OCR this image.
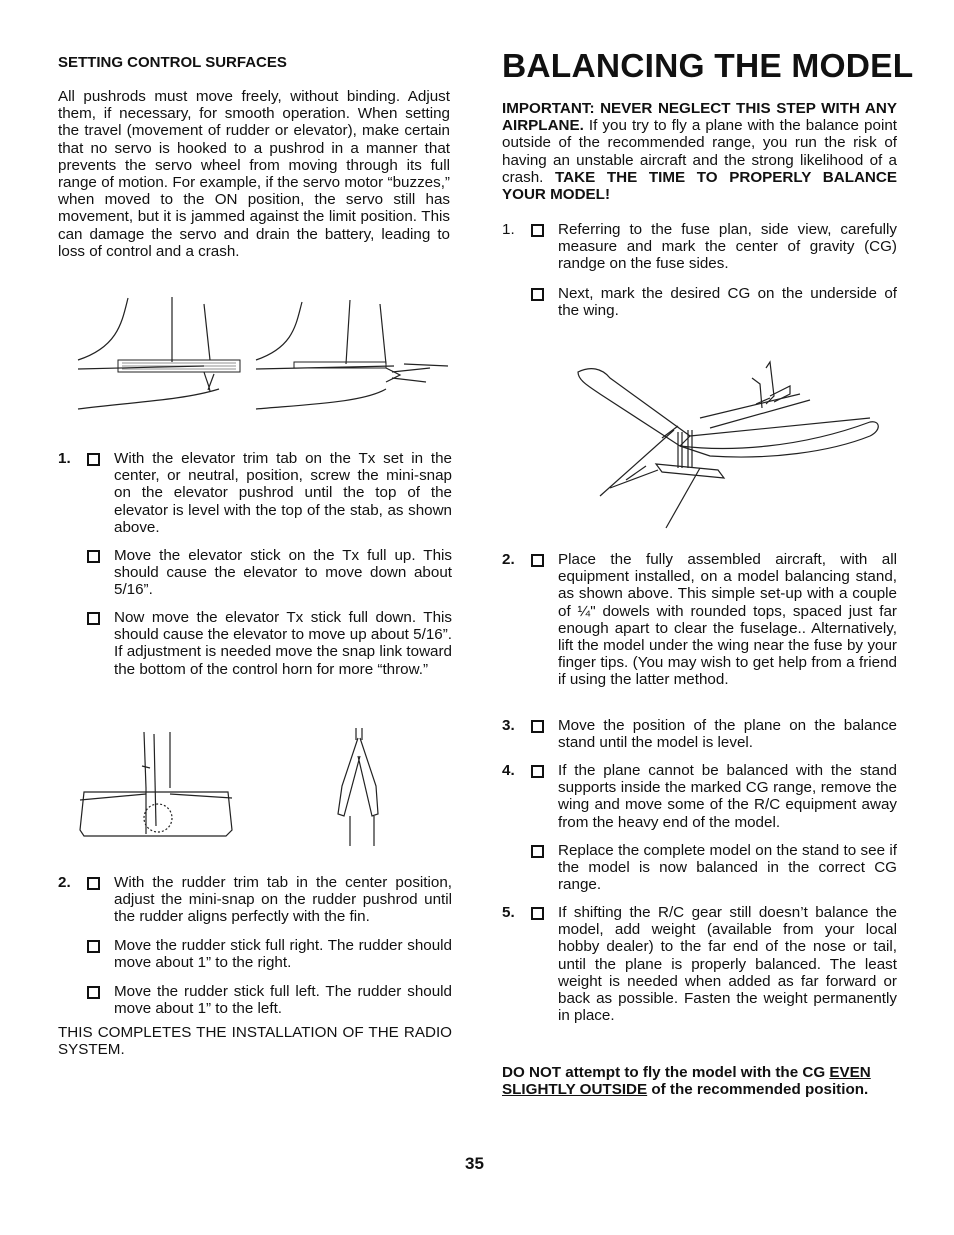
SETTING CONTROL SURFACES

All pushrods must move freely, without binding. Adjust them, if necessary, for smooth operation. When setting the travel (movement of rudder or elevator), make certain that no servo is hooked to a pushrod in a manner that prevents the servo wheel from moving through its full range of motion. For example, if the servo motor “buzzes,” when moved to the ON position, the servo still has movement, but it is jammed against the limit position. This can damage the servo and drain the battery, leading to loss of control and a crash.

1.	With the elevator trim tab on the Tx set in the center, or neutral, position, screw the mini-snap on the elevator pushrod until the top of the elevator is level with the top of the stab, as shown above.
Move the elevator stick on the Tx full up. This should cause the elevator to move down about 5/16”.
Now move the elevator Tx stick full down. This should cause the elevator to move up about 5/16”. If adjustment is needed move the snap link toward the bottom of the control horn for more “throw.”
2.	With the rudder trim tab in the center position, adjust the mini-snap on the rudder pushrod until the rudder aligns perfectly with the fin.
Move the rudder stick full right. The rudder should move about 1” to the right.
Move the rudder stick full left. The rudder should move about 1” to the left.

THIS COMPLETES THE INSTALLATION OF THE RADIO SYSTEM.

BALANCING THE MODEL

IMPORTANT: NEVER NEGLECT THIS STEP WITH ANY AIRPLANE. If you try to fly a plane with the balance point outside of the recommended range, you run the risk of having an unstable aircraft and the strong likelihood of a crash. TAKE THE TIME TO PROPERLY BALANCE YOUR MODEL!

1.	Referring to the fuse plan, side view, carefully measure and mark the center of gravity (CG) randge on the fuse sides.
Next, mark the desired CG on the underside of the wing.
2.	Place the fully assembled aircraft, with all equipment installed, on a model balancing stand, as shown above. This simple set-up with a couple of ¼" dowels with rounded tops, spaced just far enough apart to clear the fuselage.. Alternatively, lift the model under the wing near the fuse by your finger tips. (You may wish to get help from a friend if using the latter method.
3.	Move the position of the plane on the balance stand until the model is level.
4.	If the plane cannot be balanced with the stand supports inside the marked CG range, remove the wing and move some of the R/C equipment away from the heavy end of the model.
Replace the complete model on the stand to see if the model is now balanced in the correct CG range.
5.	If shifting the R/C gear still doesn’t balance the model, add weight (available from your local hobby dealer) to the far end of the nose or tail, until the plane is properly balanced. The least weight is needed when added as far forward or back as possible. Fasten the weight permanently in place.

DO NOT attempt to fly the model with the CG EVEN SLIGHTLY OUTSIDE of the recommended position.

35
